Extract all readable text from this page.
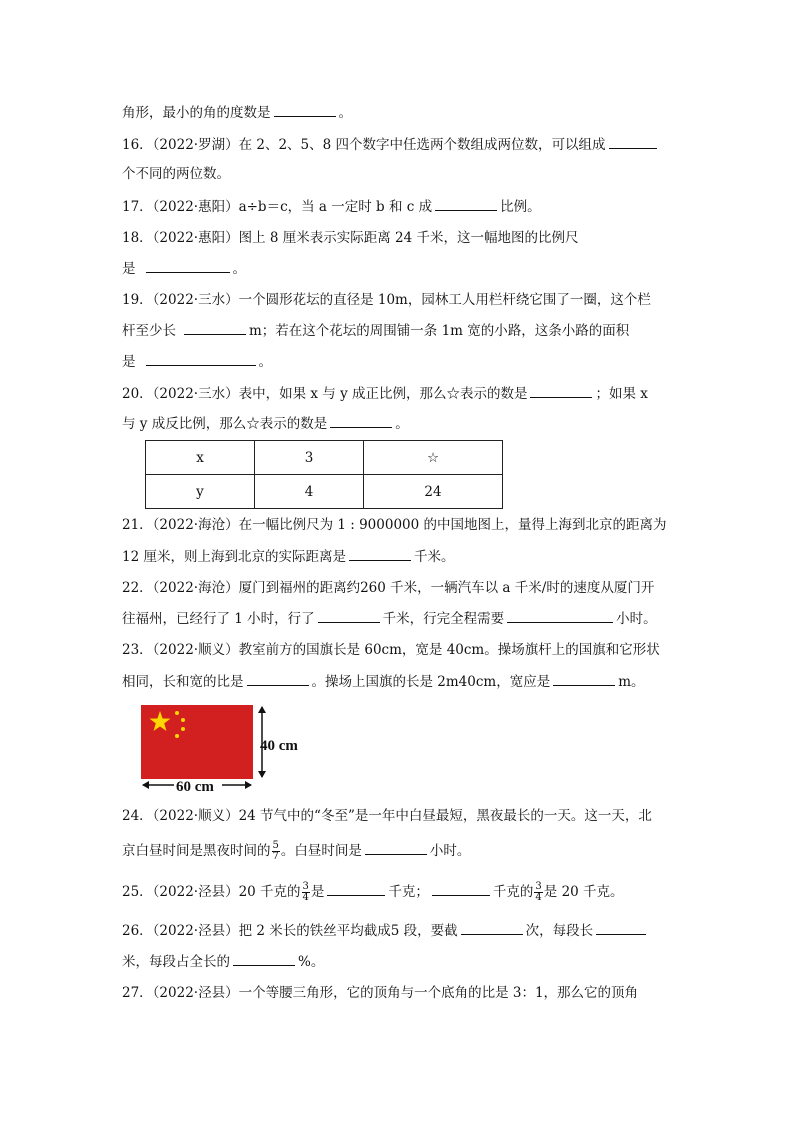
角形，最小的角的度数是	。
16．（2022·罗湖）在 2、2、5、8 四个数字中任选两个数组成两位数，可以组成
个不同的两位数。
17．（2022·惠阳）a÷b＝c，当 a 一定时 b 和 c 成	比例。
18．（2022·惠阳）图上 8 厘米表示实际距离 24 千米，这一幅地图的比例尺
是	。
19．（2022·三水）一个圆形花坛的直径是 10m，园林工人用栏杆绕它围了一圈，这个栏
杆至少长	m；若在这个花坛的周围铺一条 1m 宽的小路，这条小路的面积
是	。
20．（2022·三水）表中，如果 x 与 y 成正比例，那么☆表示的数是	；如果 x
与 y 成反比例，那么☆表示的数是	。
x	3	☆
y	4	24
21．（2022·海沧）在一幅比例尺为 1 : 9000000 的中国地图上，量得上海到北京的距离为
12 厘米，则上海到北京的实际距离是	千米。
22．（2022·海沧）厦门到福州的距离约260 千米，一辆汽车以 a 千米/时的速度从厦门开
往福州，已经行了 1 小时，行了	千米，行完全程需要	小时。
23．（2022·顺义）教室前方的国旗长是 60cm，宽是 40cm。操场旗杆上的国旗和它形状
相同，长和宽的比是	。操场上国旗的长是 2m40cm，宽应是	m。
40 cm
60 cm
24．（2022·顺义）24 节气中的“冬至”是一年中白昼最短，黑夜最长的一天。这一天，北
京白昼时间是黑夜时间的 $\frac{5}{7}$ 。白昼时间是	小时。
25．（2022·泾县）20 千克的 $\frac{3}{4}$ 是	千克；	千克的 $\frac{3}{4}$ 是 20 千克。
26．（2022·泾县）把 2 米长的铁丝平均截成5 段，要截	次，每段长
米，每段占全长的	%。
27．（2022·泾县）一个等腰三角形，它的顶角与一个底角的比是 3：1，那么它的顶角
